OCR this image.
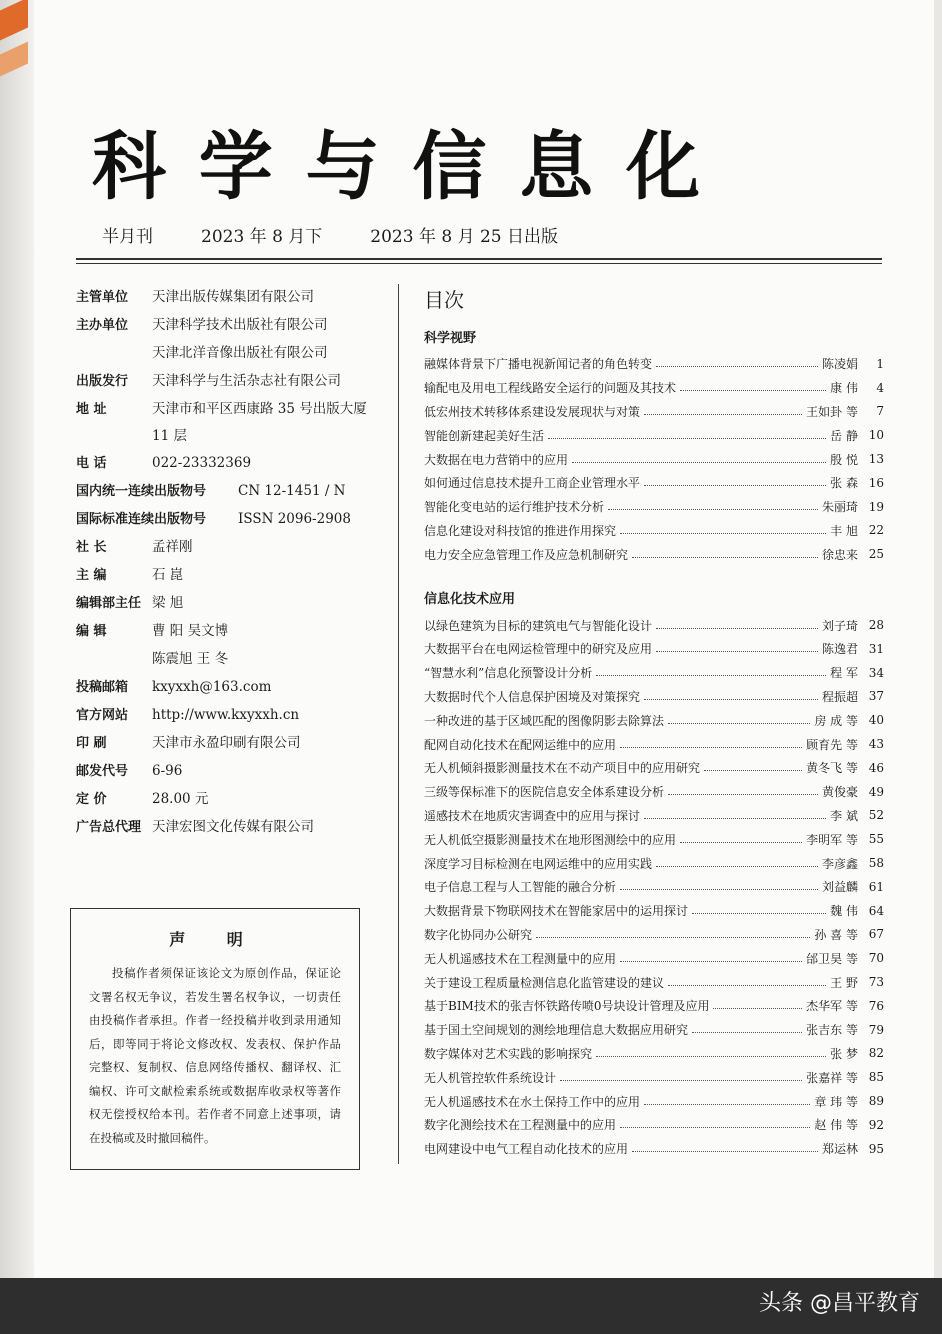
科 学 与 信 息 化
半月刊	2023 年 8 月下	2023 年 8 月 25 日出版
主管单位	天津出版传媒集团有限公司
主办单位	天津科学技术出版社有限公司
天津北洋音像出版社有限公司
出版发行	天津科学与生活杂志社有限公司
地 址	天津市和平区西康路 35 号出版大厦 11 层
电 话	022-23332369
国内统一连续出版物号	CN 12-1451 / N
国际标准连续出版物号	ISSN 2096-2908
社 长	孟祥刚
主 编	石 崑
编辑部主任 梁 旭
编 辑	曹 阳 吴文博
陈震旭 王 冬
投稿邮箱	kxyxxh@163.com
官方网站	http://www.kxyxxh.cn
印 刷	天津市永盈印刷有限公司
邮发代号	6-96
定 价	28.00 元
广告总代理 天津宏图文化传媒有限公司
声 明
投稿作者须保证该论文为原创作品，保证论文署名权无争议，若发生署名权争议，一切责任由投稿作者承担。作者一经投稿并收到录用通知后，即等同于将论文修改权、发表权、保护作品完整权、复制权、信息网络传播权、翻译权、汇编权、许可文献检索系统或数据库收录权等著作权无偿授权给本刊。若作者不同意上述事项，请在投稿或及时撤回稿件。
目次
科学视野
融媒体背景下广播电视新闻记者的角色转变	陈凌娟	1
输配电及用电工程线路安全运行的问题及其技术	康 伟	4
低宏州技术转移体系建设发展现状与对策	王如卦 等	7
智能创新建起美好生活	岳 静 10
大数据在电力营销中的应用	殷 悦 13
如何通过信息技术提升工商企业管理水平	张 森 16
智能化变电站的运行维护技术分析	朱丽琦 19
信息化建设对科技馆的推进作用探究	丰 旭 22
电力安全应急管理工作及应急机制研究	徐忠来 25
信息化技术应用
以绿色建筑为目标的建筑电气与智能化设计	刘子琦 28
大数据平台在电网运检管理中的研究及应用	陈逸君 31
“智慧水利”信息化预警设计分析	程 军 34
大数据时代个人信息保护困境及对策探究	程振超 37
一种改进的基于区域匹配的图像阴影去除算法	房 成 等 40
配网自动化技术在配网运维中的应用	顾育先 等 43
无人机倾斜摄影测量技术在不动产项目中的应用研究	黄冬飞 等 46
三级等保标准下的医院信息安全体系建设分析	黄俊豪 49
遥感技术在地质灾害调查中的应用与探讨	李 斌 52
无人机低空摄影测量技术在地形图测绘中的应用	李明军 等 55
深度学习目标检测在电网运维中的应用实践	李彦鑫 58
电子信息工程与人工智能的融合分析	刘益麟 61
大数据背景下物联网技术在智能家居中的运用探讨	魏 伟 64
数字化协同办公研究	孙 喜 等 67
无人机遥感技术在工程测量中的应用	邰卫昊 等 70
关于建设工程质量检测信息化监管建设的建议	王 野 73
基于BIM技术的张吉怀铁路传喷0号块设计管理及应用	杰华军 等 76
基于国土空间规划的测绘地理信息大数据应用研究	张吉东 等 79
数字媒体对艺术实践的影响探究	张 梦 82
无人机管控软件系统设计	张嘉祥 等 85
无人机遥感技术在水土保持工作中的应用	章 玮 等 89
数字化测绘技术在工程测量中的应用	赵 伟 等 92
电网建设中电气工程自动化技术的应用	郑运林 95
头条 @昌平教育
